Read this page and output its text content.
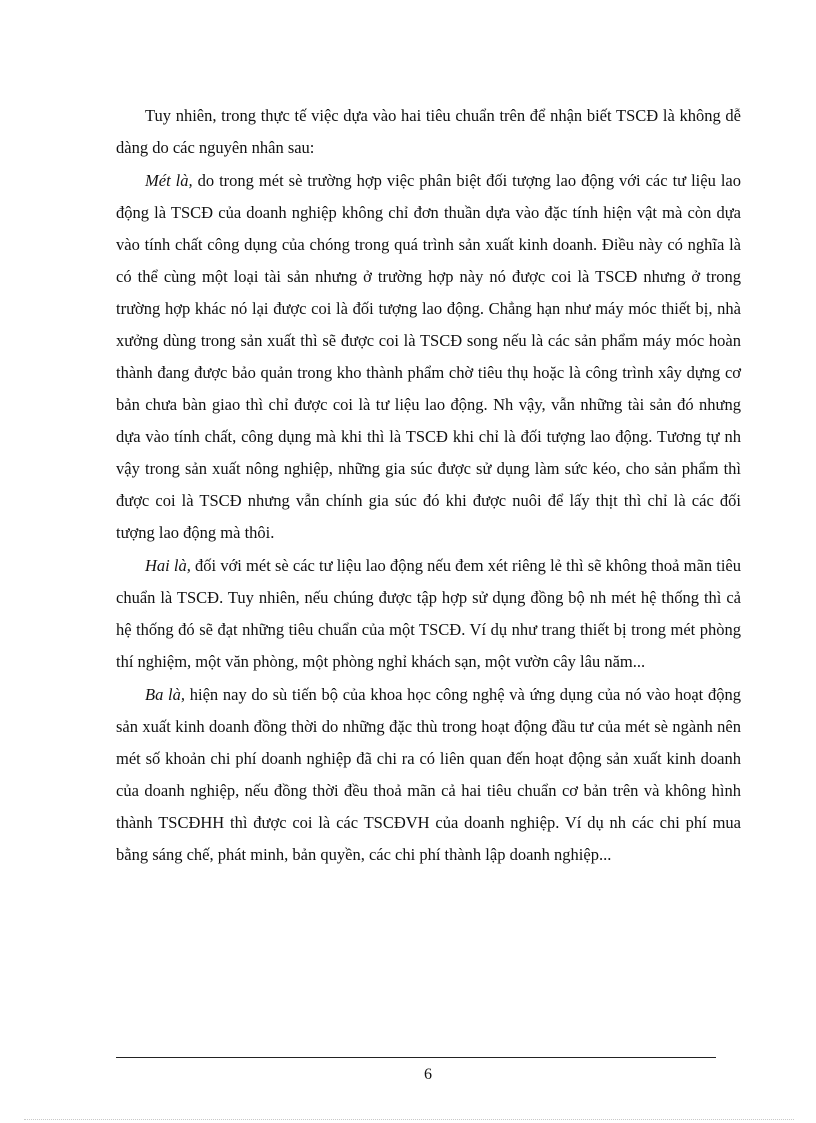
Tuy nhiên, trong thực tế việc dựa vào hai tiêu chuẩn trên để nhận biết TSCĐ là không dễ dàng do các nguyên nhân sau:

Mét là, do trong mét sè trường hợp việc phân biệt đối tượng lao động với các tư liệu lao động là TSCĐ của doanh nghiệp không chỉ đơn thuần dựa vào đặc tính hiện vật mà còn dựa vào tính chất công dụng của chóng trong quá trình sản xuất kinh doanh. Điều này có nghĩa là có thể cùng một loại tài sản nhưng ở trường hợp này nó được coi là TSCĐ nhưng ở trong trường hợp khác nó lại được coi là đối tượng lao động. Chẳng hạn như máy móc thiết bị, nhà xưởng dùng trong sản xuất thì sẽ được coi là TSCĐ song nếu là các sản phẩm máy móc hoàn thành đang được bảo quản trong kho thành phẩm chờ tiêu thụ hoặc là công trình xây dựng cơ bản chưa bàn giao thì chỉ được coi là tư liệu lao động. Nh vậy, vẫn những tài sản đó nhưng dựa vào tính chất, công dụng mà khi thì là TSCĐ khi chỉ là đối tượng lao động. Tương tự nh vậy trong sản xuất nông nghiệp, những gia súc được sử dụng làm sức kéo, cho sản phẩm thì được coi là TSCĐ nhưng vẫn chính gia súc đó khi được nuôi để lấy thịt thì chỉ là các đối tượng lao động mà thôi.

Hai là, đối với mét sè các tư liệu lao động nếu đem xét riêng lẻ thì sẽ không thoả mãn tiêu chuẩn là TSCĐ. Tuy nhiên, nếu chúng được tập hợp sử dụng đồng bộ nh mét hệ thống thì cả hệ thống đó sẽ đạt những tiêu chuẩn của một TSCĐ. Ví dụ như trang thiết bị trong mét phòng thí nghiệm, một văn phòng, một phòng nghỉ khách sạn, một vườn cây lâu năm...

Ba là, hiện nay do sù tiến bộ của khoa học công nghệ và ứng dụng của nó vào hoạt động sản xuất kinh doanh đồng thời do những đặc thù trong hoạt động đầu tư của mét sè ngành nên mét số khoản chi phí doanh nghiệp đã chi ra có liên quan đến hoạt động sản xuất kinh doanh của doanh nghiệp, nếu đồng thời đều thoả mãn cả hai tiêu chuẩn cơ bản trên và không hình thành TSCĐHH thì được coi là các TSCĐVH của doanh nghiệp. Ví dụ nh các chi phí mua bằng sáng chế, phát minh, bản quyền, các chi phí thành lập doanh nghiệp...

6
